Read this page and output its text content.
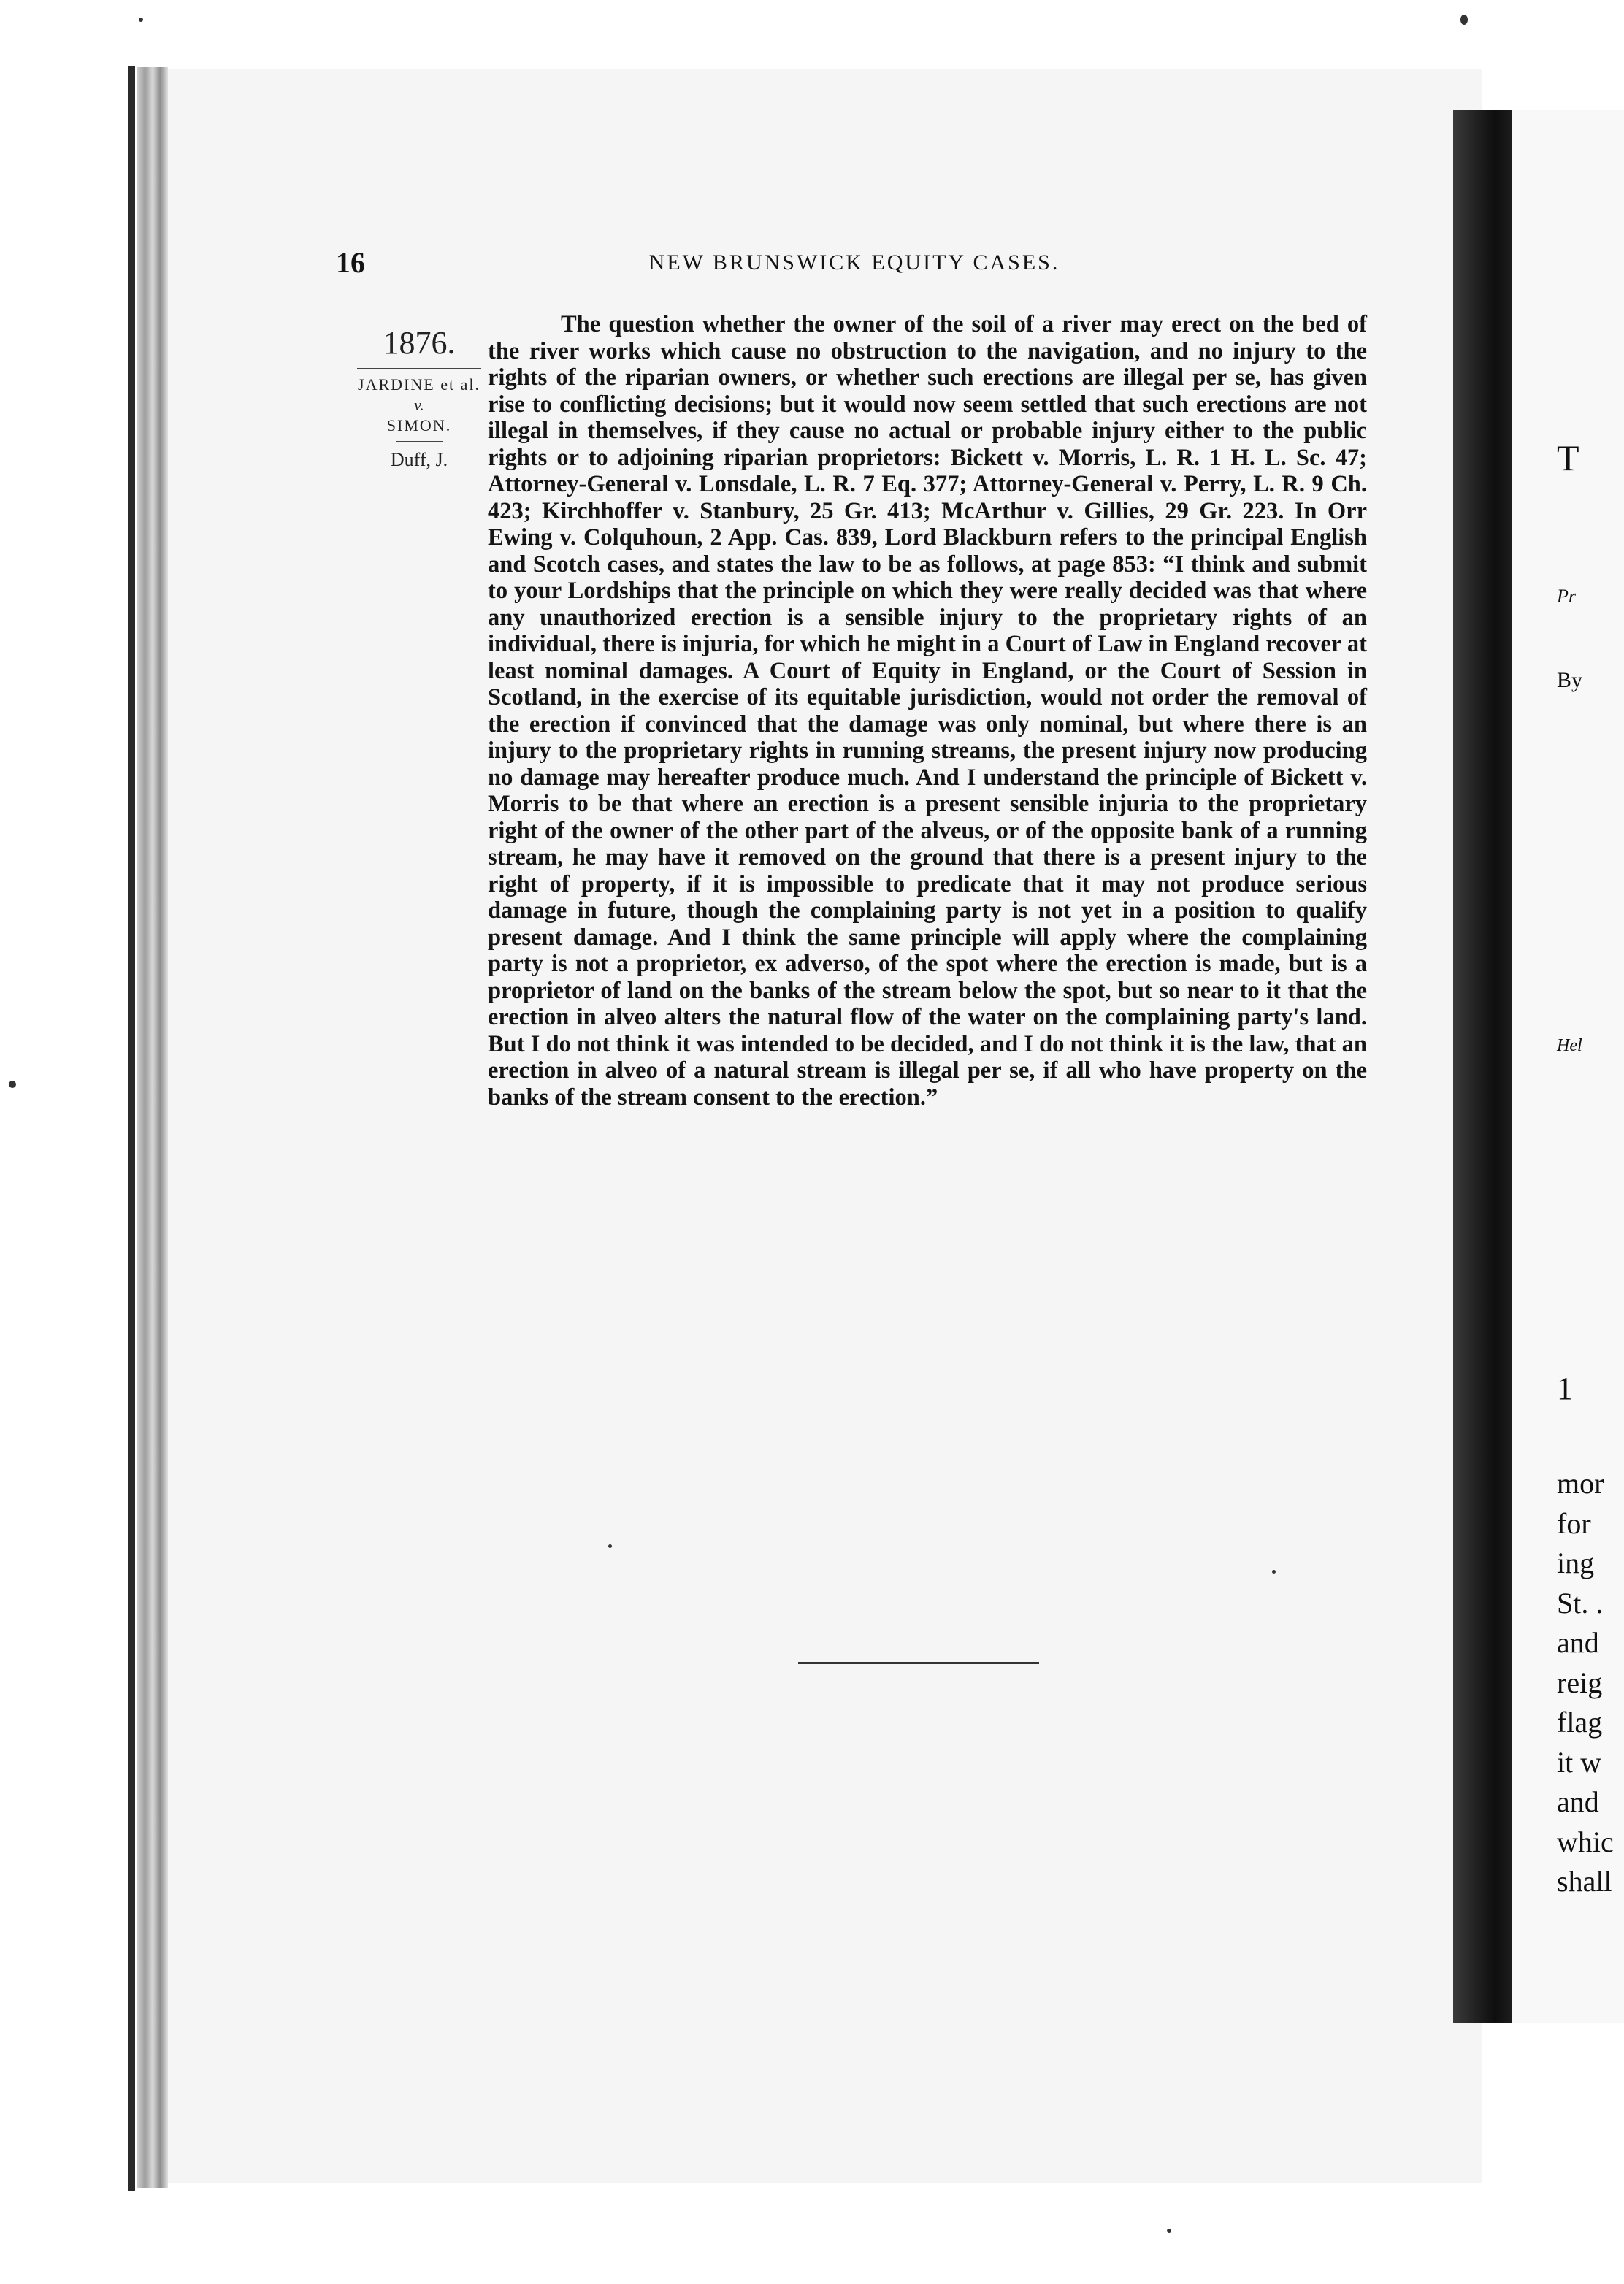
16	NEW BRUNSWICK EQUITY CASES.
1876.
JARDINE et al.
v.
SIMON.
Duff, J.

The question whether the owner of the soil of a river may erect on the bed of the river works which cause no obstruction to the navigation, and no injury to the rights of the riparian owners, or whether such erections are illegal per se, has given rise to conflicting decisions; but it would now seem settled that such erections are not illegal in themselves, if they cause no actual or probable injury either to the public rights or to adjoining riparian proprietors: Bickett v. Morris, L. R. 1 H. L. Sc. 47; Attorney-General v. Lonsdale, L. R. 7 Eq. 377; Attorney-General v. Perry, L. R. 9 Ch. 423; Kirchhoffer v. Stanbury, 25 Gr. 413; McArthur v. Gillies, 29 Gr. 223. In Orr Ewing v. Colquhoun, 2 App. Cas. 839, Lord Blackburn refers to the principal English and Scotch cases, and states the law to be as follows, at page 853: “I think and submit to your Lordships that the principle on which they were really decided was that where any unauthorized erection is a sensible injury to the proprietary rights of an individual, there is injuria, for which he might in a Court of Law in England recover at least nominal damages. A Court of Equity in England, or the Court of Session in Scotland, in the exercise of its equitable jurisdiction, would not order the removal of the erection if convinced that the damage was only nominal, but where there is an injury to the proprietary rights in running streams, the present injury now producing no damage may hereafter produce much. And I understand the principle of Bickett v. Morris to be that where an erection is a present sensible injuria to the proprietary right of the owner of the other part of the alveus, or of the opposite bank of a running stream, he may have it removed on the ground that there is a present injury to the right of property, if it is impossible to predicate that it may not produce serious damage in future, though the complaining party is not yet in a position to qualify present damage. And I think the same principle will apply where the complaining party is not a proprietor, ex adverso, of the spot where the erection is made, but is a proprietor of land on the banks of the stream below the spot, but so near to it that the erection in alveo alters the natural flow of the water on the complaining party's land. But I do not think it was intended to be decided, and I do not think it is the law, that an erection in alveo of a natural stream is illegal per se, if all who have property on the banks of the stream consent to the erection.”

T
Pr
By
Hel
1
mor
for
ing
St. .
and
reig
flag
it w
and
whic
shall
